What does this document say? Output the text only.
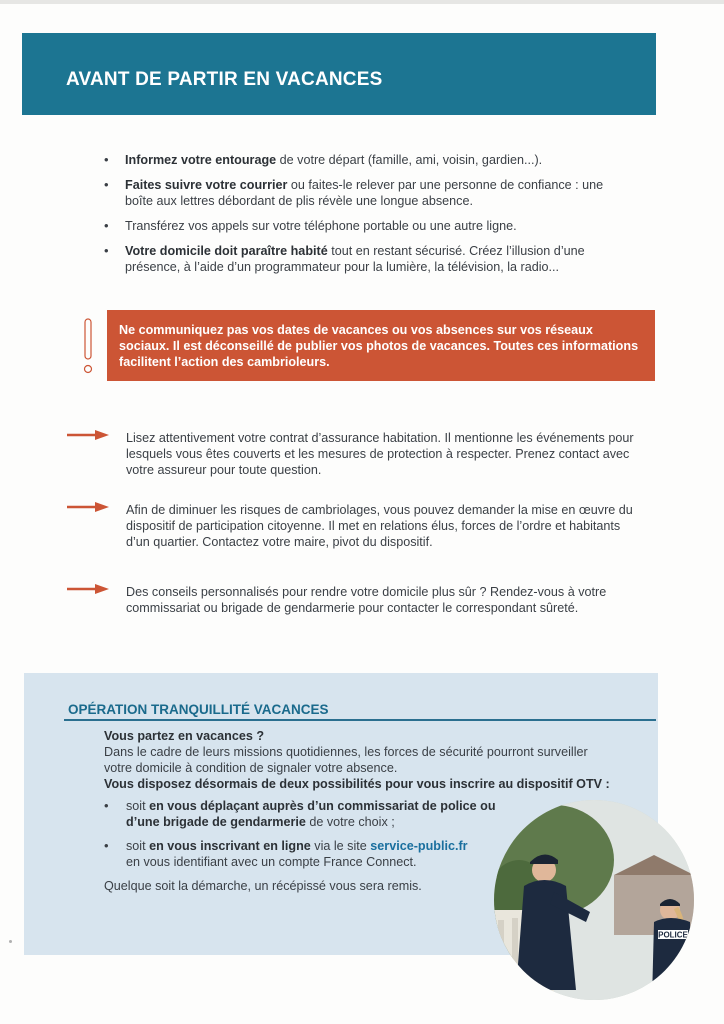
AVANT DE PARTIR EN VACANCES
• Informez votre entourage de votre départ (famille, ami, voisin, gardien...).
• Faites suivre votre courrier ou faites-le relever par une personne de confiance : une boîte aux lettres débordant de plis révèle une longue absence.
• Transférez vos appels sur votre téléphone portable ou une autre ligne.
• Votre domicile doit paraître habité tout en restant sécurisé. Créez l’illusion d’une présence, à l’aide d’un programmateur pour la lumière, la télévision, la radio...
Ne communiquez pas vos dates de vacances ou vos absences sur vos réseaux sociaux. Il est déconseillé de publier vos photos de vacances. Toutes ces informations facilitent l’action des cambrioleurs.
Lisez attentivement votre contrat d’assurance habitation. Il mentionne les événements pour lesquels vous êtes couverts et les mesures de protection à respecter. Prenez contact avec votre assureur pour toute question.
Afin de diminuer les risques de cambriolages, vous pouvez demander la mise en œuvre du dispositif de participation citoyenne. Il met en relations élus, forces de l’ordre et habitants d’un quartier. Contactez votre maire, pivot du dispositif.
Des conseils personnalisés pour rendre votre domicile plus sûr ? Rendez-vous à votre commissariat ou brigade de gendarmerie pour contacter le correspondant sûreté.
OPÉRATION TRANQUILLITÉ VACANCES

Vous partez en vacances ?

Dans le cadre de leurs missions quotidiennes, les forces de sécurité pourront surveiller votre domicile à condition de signaler votre absence.

Vous disposez désormais de deux possibilités pour vous inscrire au dispositif OTV :

• soit en vous déplaçant auprès d’un commissariat de police ou d’une brigade de gendarmerie de votre choix ;
• soit en vous inscrivant en ligne via le site service-public.fr
en vous identifiant avec un compte France Connect.

Quelque soit la démarche, un récépissé vous sera remis.

POLICE
